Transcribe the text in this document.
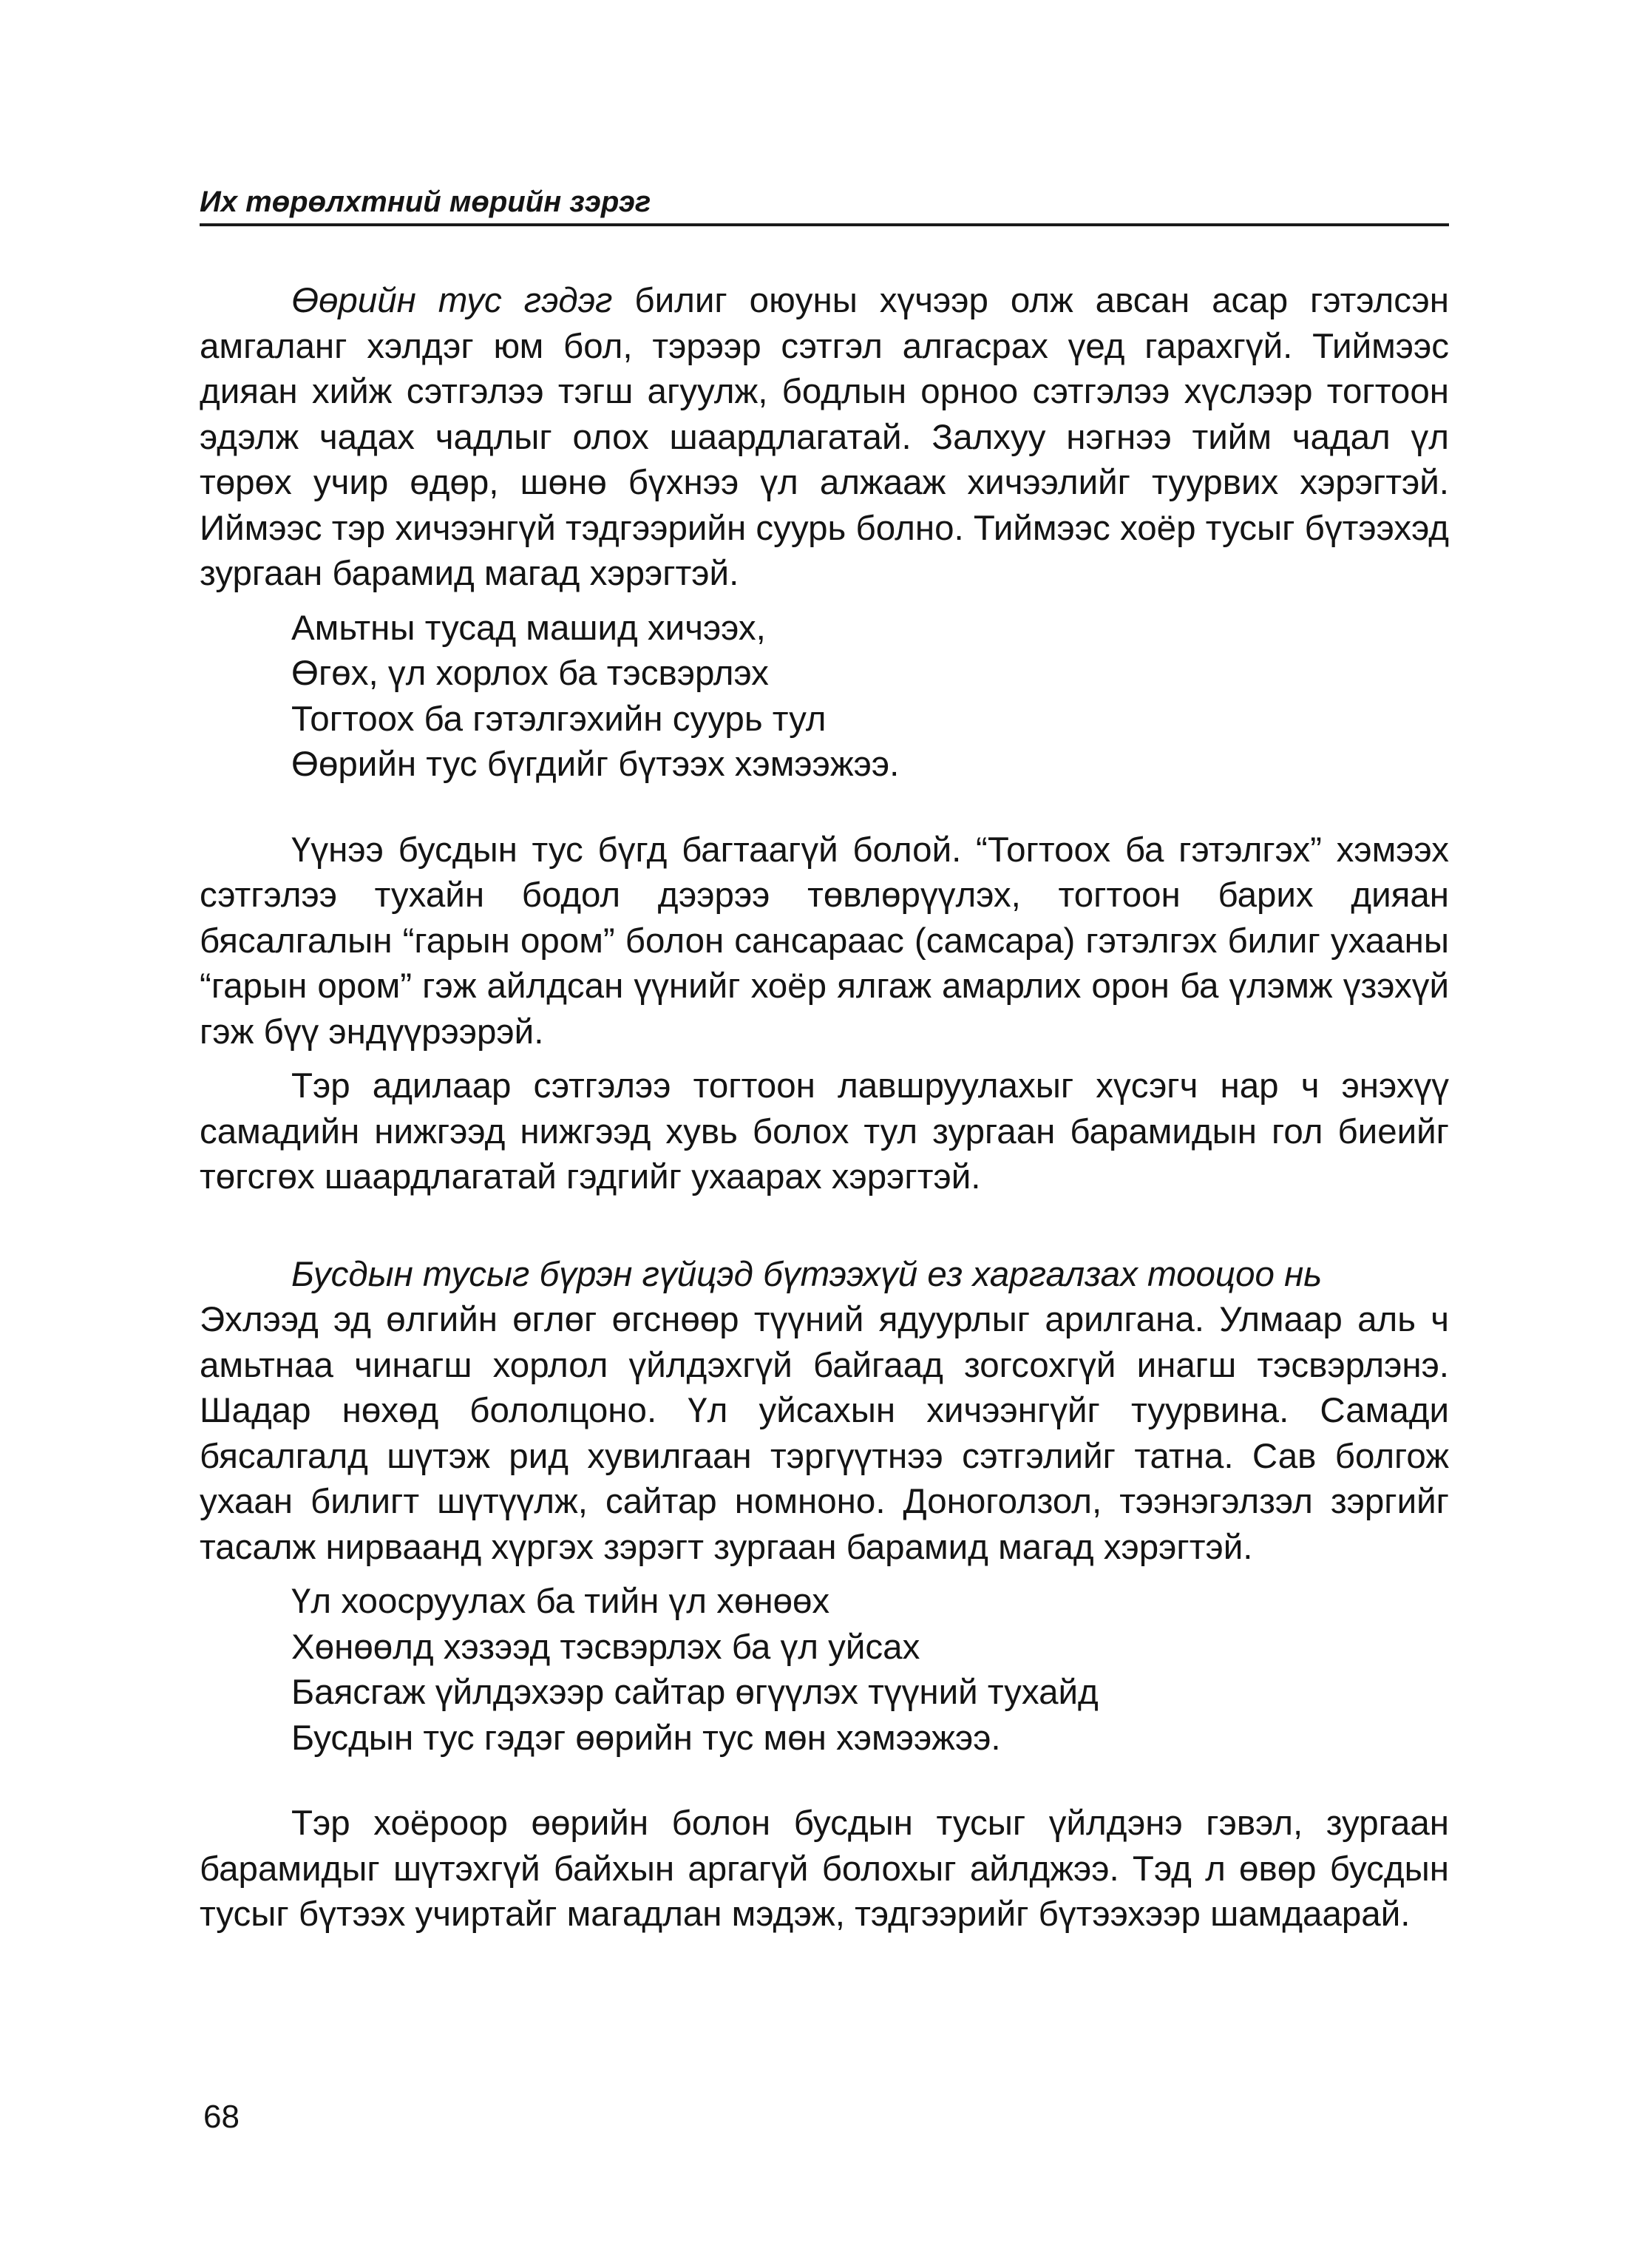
Их төрөлхтний мөрийн зэрэг

Өөрийн тус гэдэг билиг оюуны хүчээр олж авсан асар гэтэлсэн амгаланг хэлдэг юм бол, тэрээр сэтгэл алгасрах үед гарахгүй. Тиймээс дияан хийж сэтгэлээ тэгш агуулж, бодлын орноо сэтгэлээ хүслээр тогтоон эдэлж чадах чадлыг олох шаардлагатай. Залхуу нэгнээ тийм чадал үл төрөх учир өдөр, шөнө бүхнээ үл алжааж хичээлийг туурвих хэрэгтэй. Иймээс тэр хичээнгүй тэдгээрийн суурь болно. Тиймээс хоёр тусыг бүтээхэд зургаан барамид магад хэрэгтэй.

Амьтны тусад машид хичээх,
Өгөх, үл хорлох ба тэсвэрлэх
Тогтоох ба гэтэлгэхийн суурь тул
Өөрийн тус бүгдийг бүтээх хэмээжээ.

Үүнээ бусдын тус бүгд багтаагүй болой. “Тогтоох ба гэтэлгэх” хэмээх сэтгэлээ тухайн бодол дээрээ төвлөрүүлэх, тогтоон барих дияан бясалгалын “гарын ором” болон сансараас (самсара) гэтэлгэх билиг ухааны “гарын ором” гэж айлдсан үүнийг хоёр ялгаж амарлих орон ба үлэмж үзэхүй гэж бүү эндүүрээрэй.

Тэр адилаар сэтгэлээ тогтоон лавшруулахыг хүсэгч нар ч энэхүү самадийн нижгээд нижгээд хувь болох тул зургаан барамидын гол биеийг төгсгөх шаардлагатай гэдгийг ухаарах хэрэгтэй.

Бусдын тусыг бүрэн гүйцэд бүтээхүй ез харгалзах тооцоо нь

Эхлээд эд өлгийн өглөг өгснөөр түүний ядуурлыг арилгана. Улмаар аль ч амьтнаа чинагш хорлол үйлдэхгүй байгаад зогсохгүй инагш тэсвэрлэнэ. Шадар нөхөд бололцоно. Үл уйсахын хичээнгүйг туурвина. Самади бясалгалд шүтэж рид хувилгаан тэргүүтнээ сэтгэлийг татна. Сав болгож ухаан билигт шүтүүлж, сайтар номноно. Доноголзол, тээнэгэлзэл зэргийг тасалж нирваанд хүргэх зэрэгт зургаан барамид магад хэрэгтэй.

Үл хоосруулах ба тийн үл хөнөөх
Хөнөөлд хэзээд тэсвэрлэх ба үл уйсах
Баясгаж үйлдэхээр сайтар өгүүлэх түүний тухайд
Бусдын тус гэдэг өөрийн тус мөн хэмээжээ.

Тэр хоёроор өөрийн болон бусдын тусыг үйлдэнэ гэвэл, зургаан барамидыг шүтэхгүй байхын аргагүй болохыг айлджээ. Тэд л өвөр бусдын тусыг бүтээх учиртайг магадлан мэдэж, тэдгээрийг бүтээхээр шамдаарай.

68
